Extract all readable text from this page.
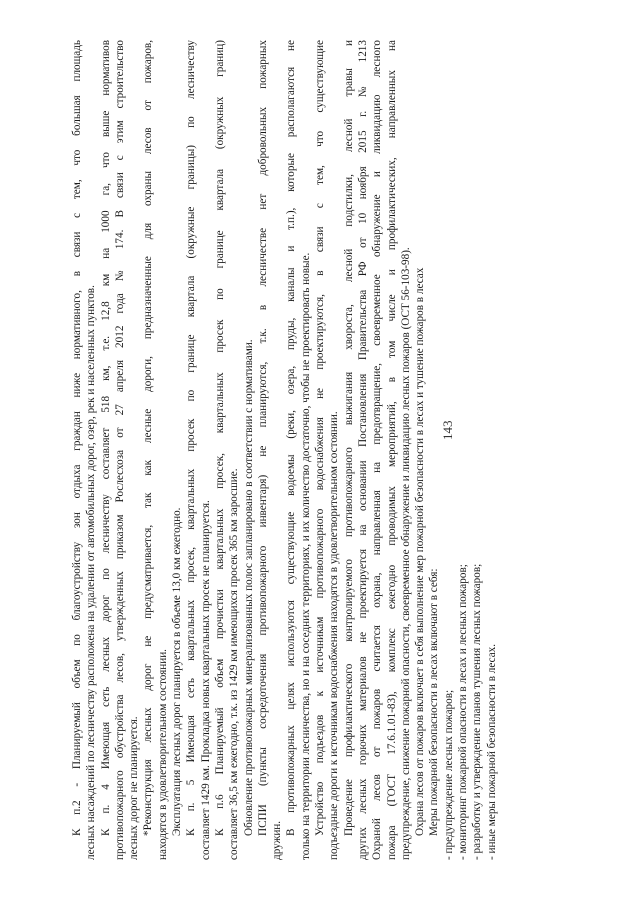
К п.2 - Планируемый объем по благоустройству зон отдыха граждан ниже нормативного, в связи с тем, что большая площадь лесных насаждений по лесничеству расположена на удалении от автомобильных дорог, озер, рек и населенных пунктов. К п. 4 Имеющая сеть лесных дорог по лесничеству составляет 518 км, т.е. 12,8 км на 1000 га, что выше нормативов противопожарного обустройства лесов, утвержденных приказом Рослесхоза от 27 апреля 2012 года № 174. В связи с этим строительство лесных дорог не планируется. *Реконструкция лесных дорог не предусматривается, так как лесные дороги, предназначенные для охраны лесов от пожаров, находятся в удовлетворительном состоянии. Эксплуатация лесных дорог планируется в объеме 13,0 км ежегодно. К п. 5 Имеющая сеть квартальных просек, квартальных просек по границе квартала (окружные границы) по лесничеству составляет 1429 км. Прокладка новых квартальных просек не планируется. К п.6 Планируемый объем прочистки квартальных просек, квартальных просек по границе квартала (окружных границ) составляет 36,5 км ежегодно, т.к. из 1429 км имеющихся просек 365 км заросшие. Обновление противопожарных минерализованных полос запланировано в соответствии с нормативами. ПСПИ (пункты сосредоточения противопожарного инвентаря) не планируются, т.к. в лесничестве нет добровольных пожарных
дружин.
В противопожарных целях используются существующие водоемы (реки, озера, пруды, каналы и т.п.), которые располагаются не только на территории лесничества, но и на соседних территориях, и их количество достаточно, чтобы не проектировать новые. Устройство подъездов к источникам противопожарного водоснабжения не проектируются, в связи с тем, что существующие подъездные дороги к источникам водоснабжения находятся в удовлетворительном состоянии. Проведение профилактического контролируемого противопожарного выжигания хвороста, лесной подстилки, лесной травы и других лесных горючих материалов не проектируется на основании Постановления Правительства РФ от 10 ноября 2015 г. № 1213 Охраной лесов от пожаров считается охрана, направленная на предотвращение, своевременное обнаружение и ликвидацию лесного пожара (ГОСТ 17.6.1.01-83), комплекс ежегодно проводимых мероприятий, в том числе и профилактических, направленных на предупреждение, снижение пожарной опасности, своевременное обнаружение и ликвидацию лесных пожаров (ОСТ 56-103-98). Охрана лесов от пожаров включает в себя выполнение мер пожарной безопасности в лесах и тушение пожаров в лесах Меры пожарной безопасности в лесах включают в себя: - предупреждение лесных пожаров; - мониторинг пожарной опасности в лесах и лесных пожаров; - разработку и утверждение планов тушения лесных пожаров; - иные меры пожарной безопасности в лесах.
143
